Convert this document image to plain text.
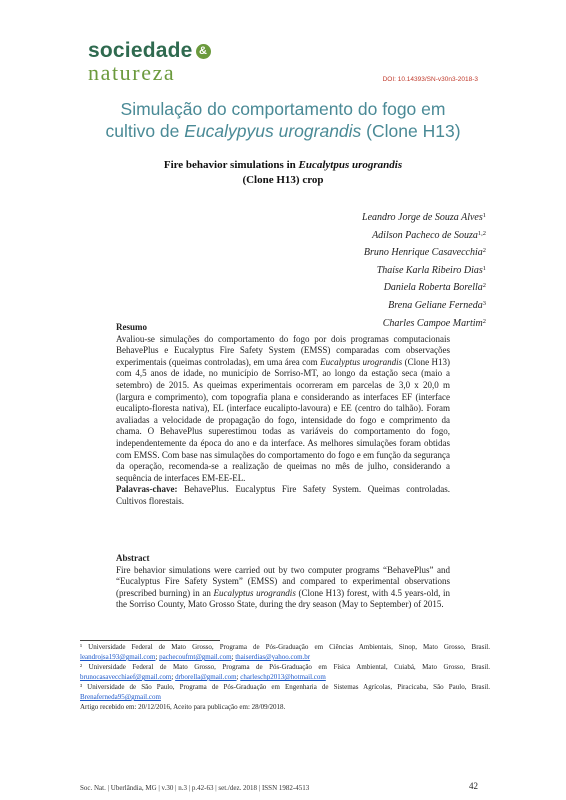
sociedade &
natureza	DOI: 10.14393/SN-v30n3-2018-3
Simulação do comportamento do fogo em
cultivo de Eucalypyus urograndis (Clone H13)
Fire behavior simulations in Eucalytpus urograndis
(Clone H13) crop
Leandro Jorge de Souza Alves$^1$
Adilson Pacheco de Souza$^{1,2}$
Bruno Henrique Casavecchia$^2$
Thaíse Karla Ribeiro Dias$^1$
Daniela Roberta Borella$^2$
Brena Geliane Ferneda$^3$
Charles Campoe Martim$^2$
Resumo
Avaliou-se simulações do comportamento do fogo por dois programas computacionais BehavePlus e Eucalyptus Fire Safety System (EMSS) comparadas com observações experimentais (queimas controladas), em uma área com Eucalyptus urograndis (Clone H13) com 4,5 anos de idade, no município de Sorriso-MT, ao longo da estação seca (maio a setembro) de 2015. As queimas experimentais ocorreram em parcelas de 3,0 x 20,0 m (largura e comprimento), com topografia plana e considerando as interfaces EF (interface eucalipto-floresta nativa), EL (interface eucalipto-lavoura) e EE (centro do talhão). Foram avaliadas a velocidade de propagação do fogo, intensidade do fogo e comprimento da chama. O BehavePlus superestimou todas as variáveis do comportamento do fogo, independentemente da época do ano e da interface. As melhores simulações foram obtidas com EMSS. Com base nas simulações do comportamento do fogo e em função da segurança da operação, recomenda-se a realização de queimas no mês de julho, considerando a sequência de interfaces EM-EE-EL.
Palavras-chave: BehavePlus. Eucalyptus Fire Safety System. Queimas controladas. Cultivos florestais.
Abstract
Fire behavior simulations were carried out by two computer programs “BehavePlus” and “Eucalyptus Fire Safety System” (EMSS) and compared to experimental observations (prescribed burning) in an Eucalyptus urograndis (Clone H13) forest, with 4.5 years-old, in the Sorriso County, Mato Grosso State, during the dry season (May to September) of 2015.
¹ Universidade Federal de Mato Grosso, Programa de Pós-Graduação em Ciências Ambientais, Sinop, Mato Grosso, Brasil. leandrojsa193@gmail.com; pachecoufmt@gmail.com; thaiserdias@yahoo.com.br
² Universidade Federal de Mato Grosso, Programa de Pós-Graduação em Física Ambiental, Cuiabá, Mato Grosso, Brasil. brunocasavecchiaef@gmail.com; drborella@gmail.com; charleschp2013@hotmail.com
³ Universidade de São Paulo, Programa de Pós-Graduação em Engenharia de Sistemas Agrícolas, Piracicaba, São Paulo, Brasil. Brenaferneda95@gmail.com
Artigo recebido em: 20/12/2016, Aceito para publicação em: 28/09/2018.
Soc. Nat. | Uberlândia, MG | v.30 | n.3 | p.42-63 | set./dez. 2018 | ISSN 1982-4513	42
